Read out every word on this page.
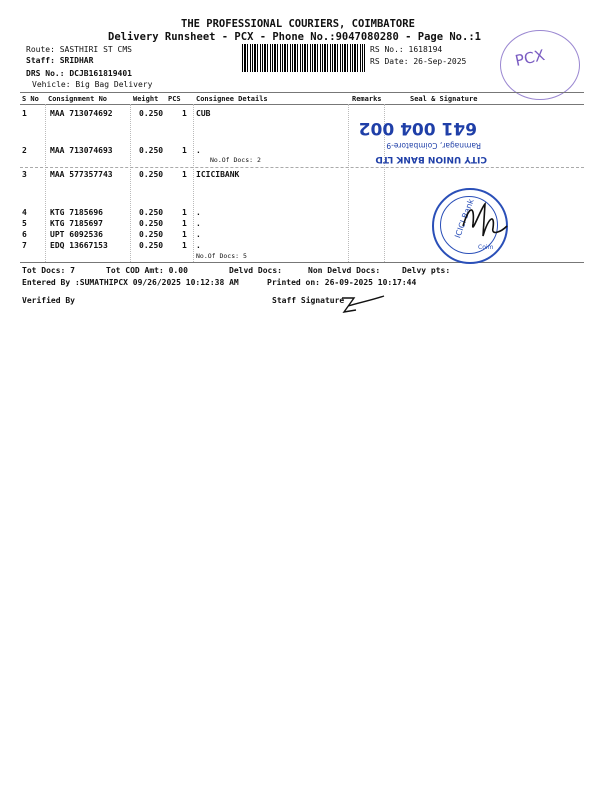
THE PROFESSIONAL COURIERS, COIMBATORE
Delivery Runsheet - PCX - Phone No.:9047080280 - Page No.:1
Route: SASTHIRI ST CMS
Staff: SRIDHAR
DRS No.: DCJB161819401
Vehicle: Big Bag Delivery
RS No.: 1618194
RS Date: 26-Sep-2025	PCX
S No Consignment No	Weight PCS Consignee Details	Remarks	Seal & Signature
1	MAA 713074692	0.250 1 CUB
2	MAA 713074693	0.250 1 .
No.Of Docs: 2
3	MAA 577357743	0.250 1 ICICIBANK
4	KTG 7185696	0.250 1 .
5	KTG 7185697	0.250 1 .
6	UPT 6092536	0.250 1 .
7	EDQ 13667153	0.250 1 .
No.Of Docs: 5
CITY UNION BANK LTD
Ramnagar, Coimbatore-9
641 004 002
ICICI Bank
Coim
Tot Docs: 7	Tot COD Amt: 0.00	Delvd Docs:	Non Delvd Docs:	Delvy pts:
Entered By :SUMATHIPCX 09/26/2025 10:12:38 AM	Printed on: 26-09-2025 10:17:44
Verified By	Staff Signature
